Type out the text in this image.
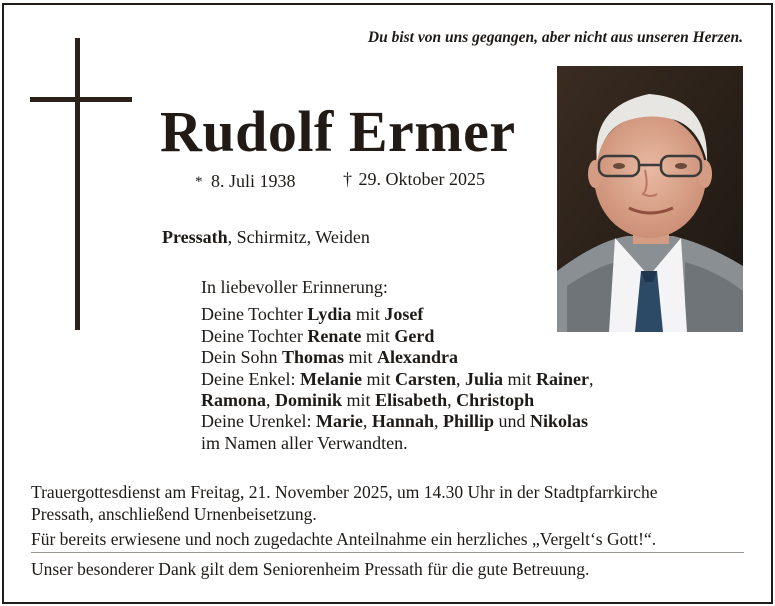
Du bist von uns gegangen, aber nicht aus unseren Herzen.
Rudolf Ermer
* 8. Juli 1938	† 29. Oktober 2025
Pressath, Schirmitz, Weiden
In liebevoller Erinnerung:
Deine Tochter Lydia mit Josef
Deine Tochter Renate mit Gerd
Dein Sohn Thomas mit Alexandra
Deine Enkel: Melanie mit Carsten, Julia mit Rainer,
Ramona, Dominik mit Elisabeth, Christoph
Deine Urenkel: Marie, Hannah, Phillip und Nikolas
im Namen aller Verwandten.
Trauergottesdienst am Freitag, 21. November 2025, um 14.30 Uhr in der Stadtpfarrkirche
Pressath, anschließend Urnenbeisetzung.
Für bereits erwiesene und noch zugedachte Anteilnahme ein herzliches „Vergelt‘s Gott!“.
Unser besonderer Dank gilt dem Seniorenheim Pressath für die gute Betreuung.
